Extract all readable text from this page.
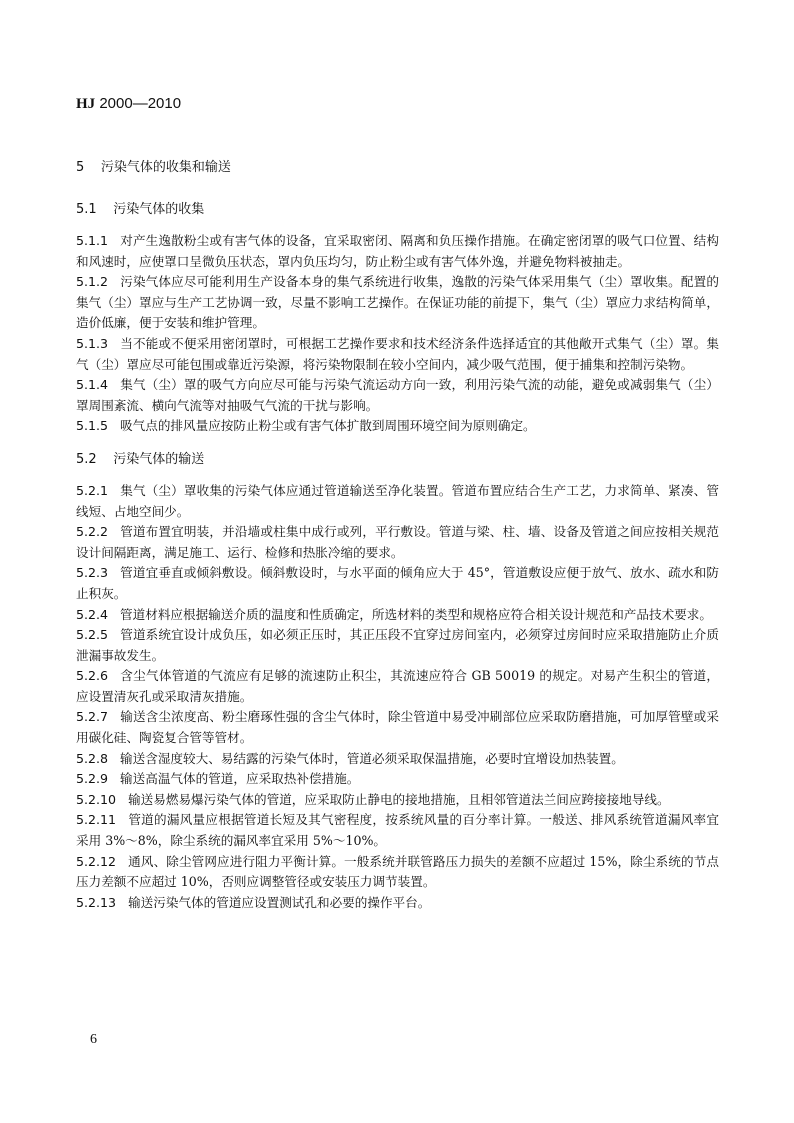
HJ 2000—2010
5 污染气体的收集和输送
5.1 污染气体的收集
5.1.1 对产生逸散粉尘或有害气体的设备，宜采取密闭、隔离和负压操作措施。在确定密闭罩的吸气口位置、结构和风速时，应使罩口呈微负压状态，罩内负压均匀，防止粉尘或有害气体外逸，并避免物料被抽走。
5.1.2 污染气体应尽可能利用生产设备本身的集气系统进行收集，逸散的污染气体采用集气（尘）罩收集。配置的集气（尘）罩应与生产工艺协调一致，尽量不影响工艺操作。在保证功能的前提下，集气（尘）罩应力求结构简单，造价低廉，便于安装和维护管理。
5.1.3 当不能或不便采用密闭罩时，可根据工艺操作要求和技术经济条件选择适宜的其他敞开式集气（尘）罩。集气（尘）罩应尽可能包围或靠近污染源，将污染物限制在较小空间内，减少吸气范围，便于捕集和控制污染物。
5.1.4 集气（尘）罩的吸气方向应尽可能与污染气流运动方向一致，利用污染气流的动能，避免或减弱集气（尘）罩周围紊流、横向气流等对抽吸气气流的干扰与影响。
5.1.5 吸气点的排风量应按防止粉尘或有害气体扩散到周围环境空间为原则确定。
5.2 污染气体的输送
5.2.1 集气（尘）罩收集的污染气体应通过管道输送至净化装置。管道布置应结合生产工艺，力求简单、紧凑、管线短、占地空间少。
5.2.2 管道布置宜明装，并沿墙或柱集中成行或列，平行敷设。管道与梁、柱、墙、设备及管道之间应按相关规范设计间隔距离，满足施工、运行、检修和热胀冷缩的要求。
5.2.3 管道宜垂直或倾斜敷设。倾斜敷设时，与水平面的倾角应大于 45°，管道敷设应便于放气、放水、疏水和防止积灰。
5.2.4 管道材料应根据输送介质的温度和性质确定，所选材料的类型和规格应符合相关设计规范和产品技术要求。
5.2.5 管道系统宜设计成负压，如必须正压时，其正压段不宜穿过房间室内，必须穿过房间时应采取措施防止介质泄漏事故发生。
5.2.6 含尘气体管道的气流应有足够的流速防止积尘，其流速应符合 GB 50019 的规定。对易产生积尘的管道，应设置清灰孔或采取清灰措施。
5.2.7 输送含尘浓度高、粉尘磨琢性强的含尘气体时，除尘管道中易受冲刷部位应采取防磨措施，可加厚管壁或采用碳化硅、陶瓷复合管等管材。
5.2.8 输送含湿度较大、易结露的污染气体时，管道必须采取保温措施，必要时宜增设加热装置。
5.2.9 输送高温气体的管道，应采取热补偿措施。
5.2.10 输送易燃易爆污染气体的管道，应采取防止静电的接地措施，且相邻管道法兰间应跨接接地导线。
5.2.11 管道的漏风量应根据管道长短及其气密程度，按系统风量的百分率计算。一般送、排风系统管道漏风率宜采用 3%～8%，除尘系统的漏风率宜采用 5%～10%。
5.2.12 通风、除尘管网应进行阻力平衡计算。一般系统并联管路压力损失的差额不应超过 15%，除尘系统的节点压力差额不应超过 10%，否则应调整管径或安装压力调节装置。
5.2.13 输送污染气体的管道应设置测试孔和必要的操作平台。
6
